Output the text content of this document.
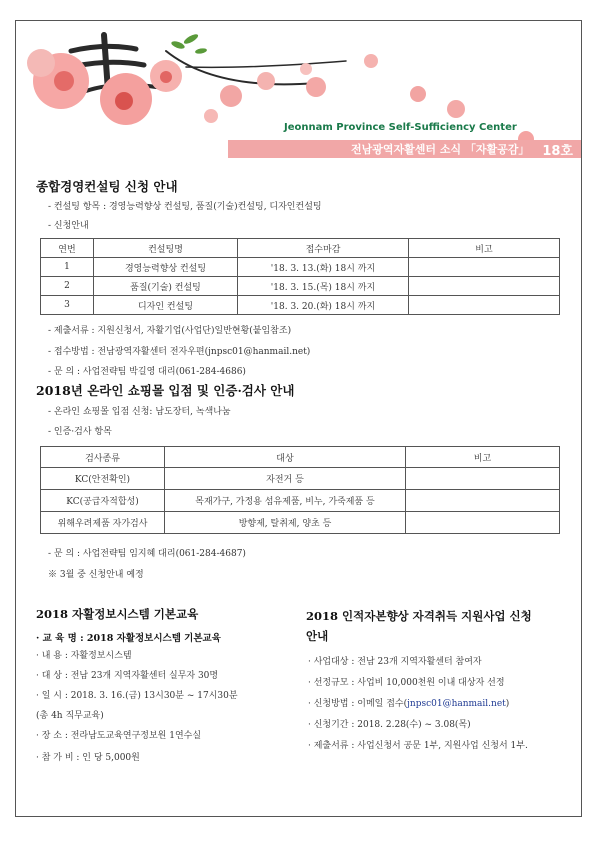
Jeonnam Province Self-Sufficiency Center
전남광역자활센터 소식 「자활공감」 18호
종합경영컨설팅 신청 안내
- 컨설팅 항목 : 경영능력향상 컨설팅, 품질(기술)컨설팅, 디자인컨설팅
- 신청안내
연번	컨설팅명	접수마감	비고
1	경영능력향상 컨설팅	'18. 3. 13.(화) 18시 까지	
2	품질(기술) 컨설팅	'18. 3. 15.(목) 18시 까지	
3	디자인 컨설팅	'18. 3. 20.(화) 18시 까지	
- 제출서류 : 지원신청서, 자활기업(사업단)일반현황(붙임참조)
- 접수방법 : 전남광역자활센터 전자우편(jnpsc01@hanmail.net)
- 문 의 : 사업전략팀 박길영 대리(061-284-4686)
2018년 온라인 쇼핑몰 입점 및 인증·검사 안내
- 온라인 쇼핑몰 입점 신청: 남도장터, 녹색나눔
- 인증·검사 항목
검사종류	대상	비고
KC(안전확인)	자전거 등	
KC(공급자적합성)	목재가구, 가정용 섬유제품, 비누, 가죽제품 등	
위해우려제품 자가검사	방향제, 탈취제, 양초 등	
- 문 의 : 사업전략팀 임지혜 대리(061-284-4687)
※ 3월 중 신청안내 예정
2018 자활정보시스템 기본교육
· 교 육 명 : 2018 자활정보시스템 기본교육
· 내 용 : 자활정보시스템
· 대 상 : 전남 23개 지역자활센터 실무자 30명
· 일 시 : 2018. 3. 16.(금) 13시30분 ~ 17시30분
(총 4h 직무교육)
· 장 소 : 전라남도교육연구정보원 1연수실
· 참 가 비 : 인 당 5,000원
2018 인적자본향상 자격취득 지원사업 신청
안내
· 사업대상 : 전남 23개 지역자활센터 참여자
· 선정규모 : 사업비 10,000천원 이내 대상자 선정
· 신청방법 : 이메일 접수(jnpsc01@hanmail.net)
· 신청기간 : 2018. 2.28(수) ~ 3.08(목)
· 제출서류 : 사업신청서 공문 1부, 지원사업 신청서 1부.
